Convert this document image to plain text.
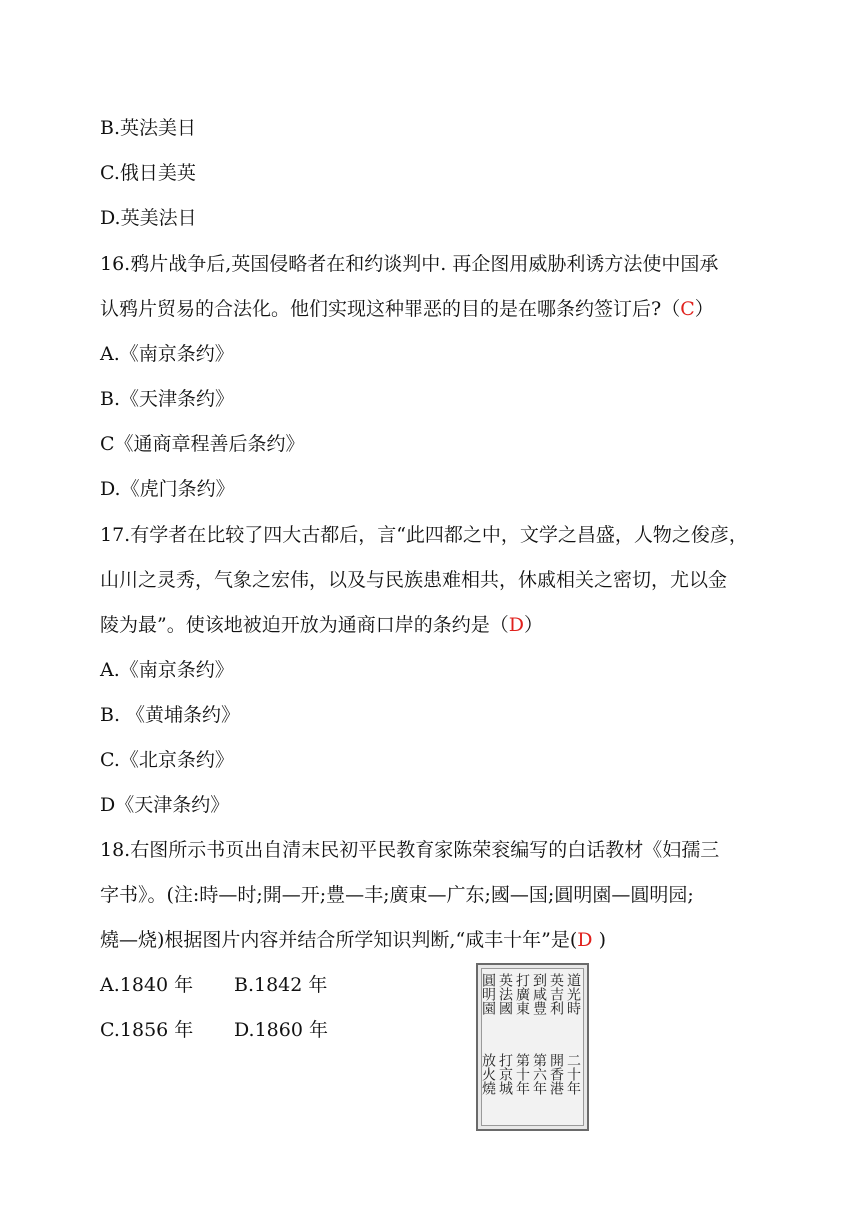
B.英法美日
C.俄日美英
D.英美法日
16.鸦片战争后,英国侵略者在和约谈判中. 再企图用威胁利诱方法使中国承
认鸦片贸易的合法化。他们实现这种罪恶的目的是在哪条约签订后?（C）
A.《南京条约》
B.《天津条约》
C《通商章程善后条约》
D.《虎门条约》
17.有学者在比较了四大古都后，言“此四都之中，文学之昌盛，人物之俊彦，
山川之灵秀，气象之宏伟，以及与民族患难相共，休戚相关之密切，尤以金
陵为最”。使该地被迫开放为通商口岸的条约是（D）
A.《南京条约》
B. 《黄埔条约》
C.《北京条约》
D《天津条约》
18.右图所示书页出自清末民初平民教育家陈荣衮编写的白话教材《妇孺三
字书》。(注:時—时;開—开;豊—丰;廣東—广东;國—国;圓明園—圓明园;
燒—烧)根据图片内容并结合所学知识判断,“咸丰十年”是(D )
A.1840 年 B.1842 年
C.1856 年 D.1860 年
道光時
英吉利
到咸豊
打廣東
英法國
圓明園
二十年
開香港
第六年
第十年
打京城
放火燒
